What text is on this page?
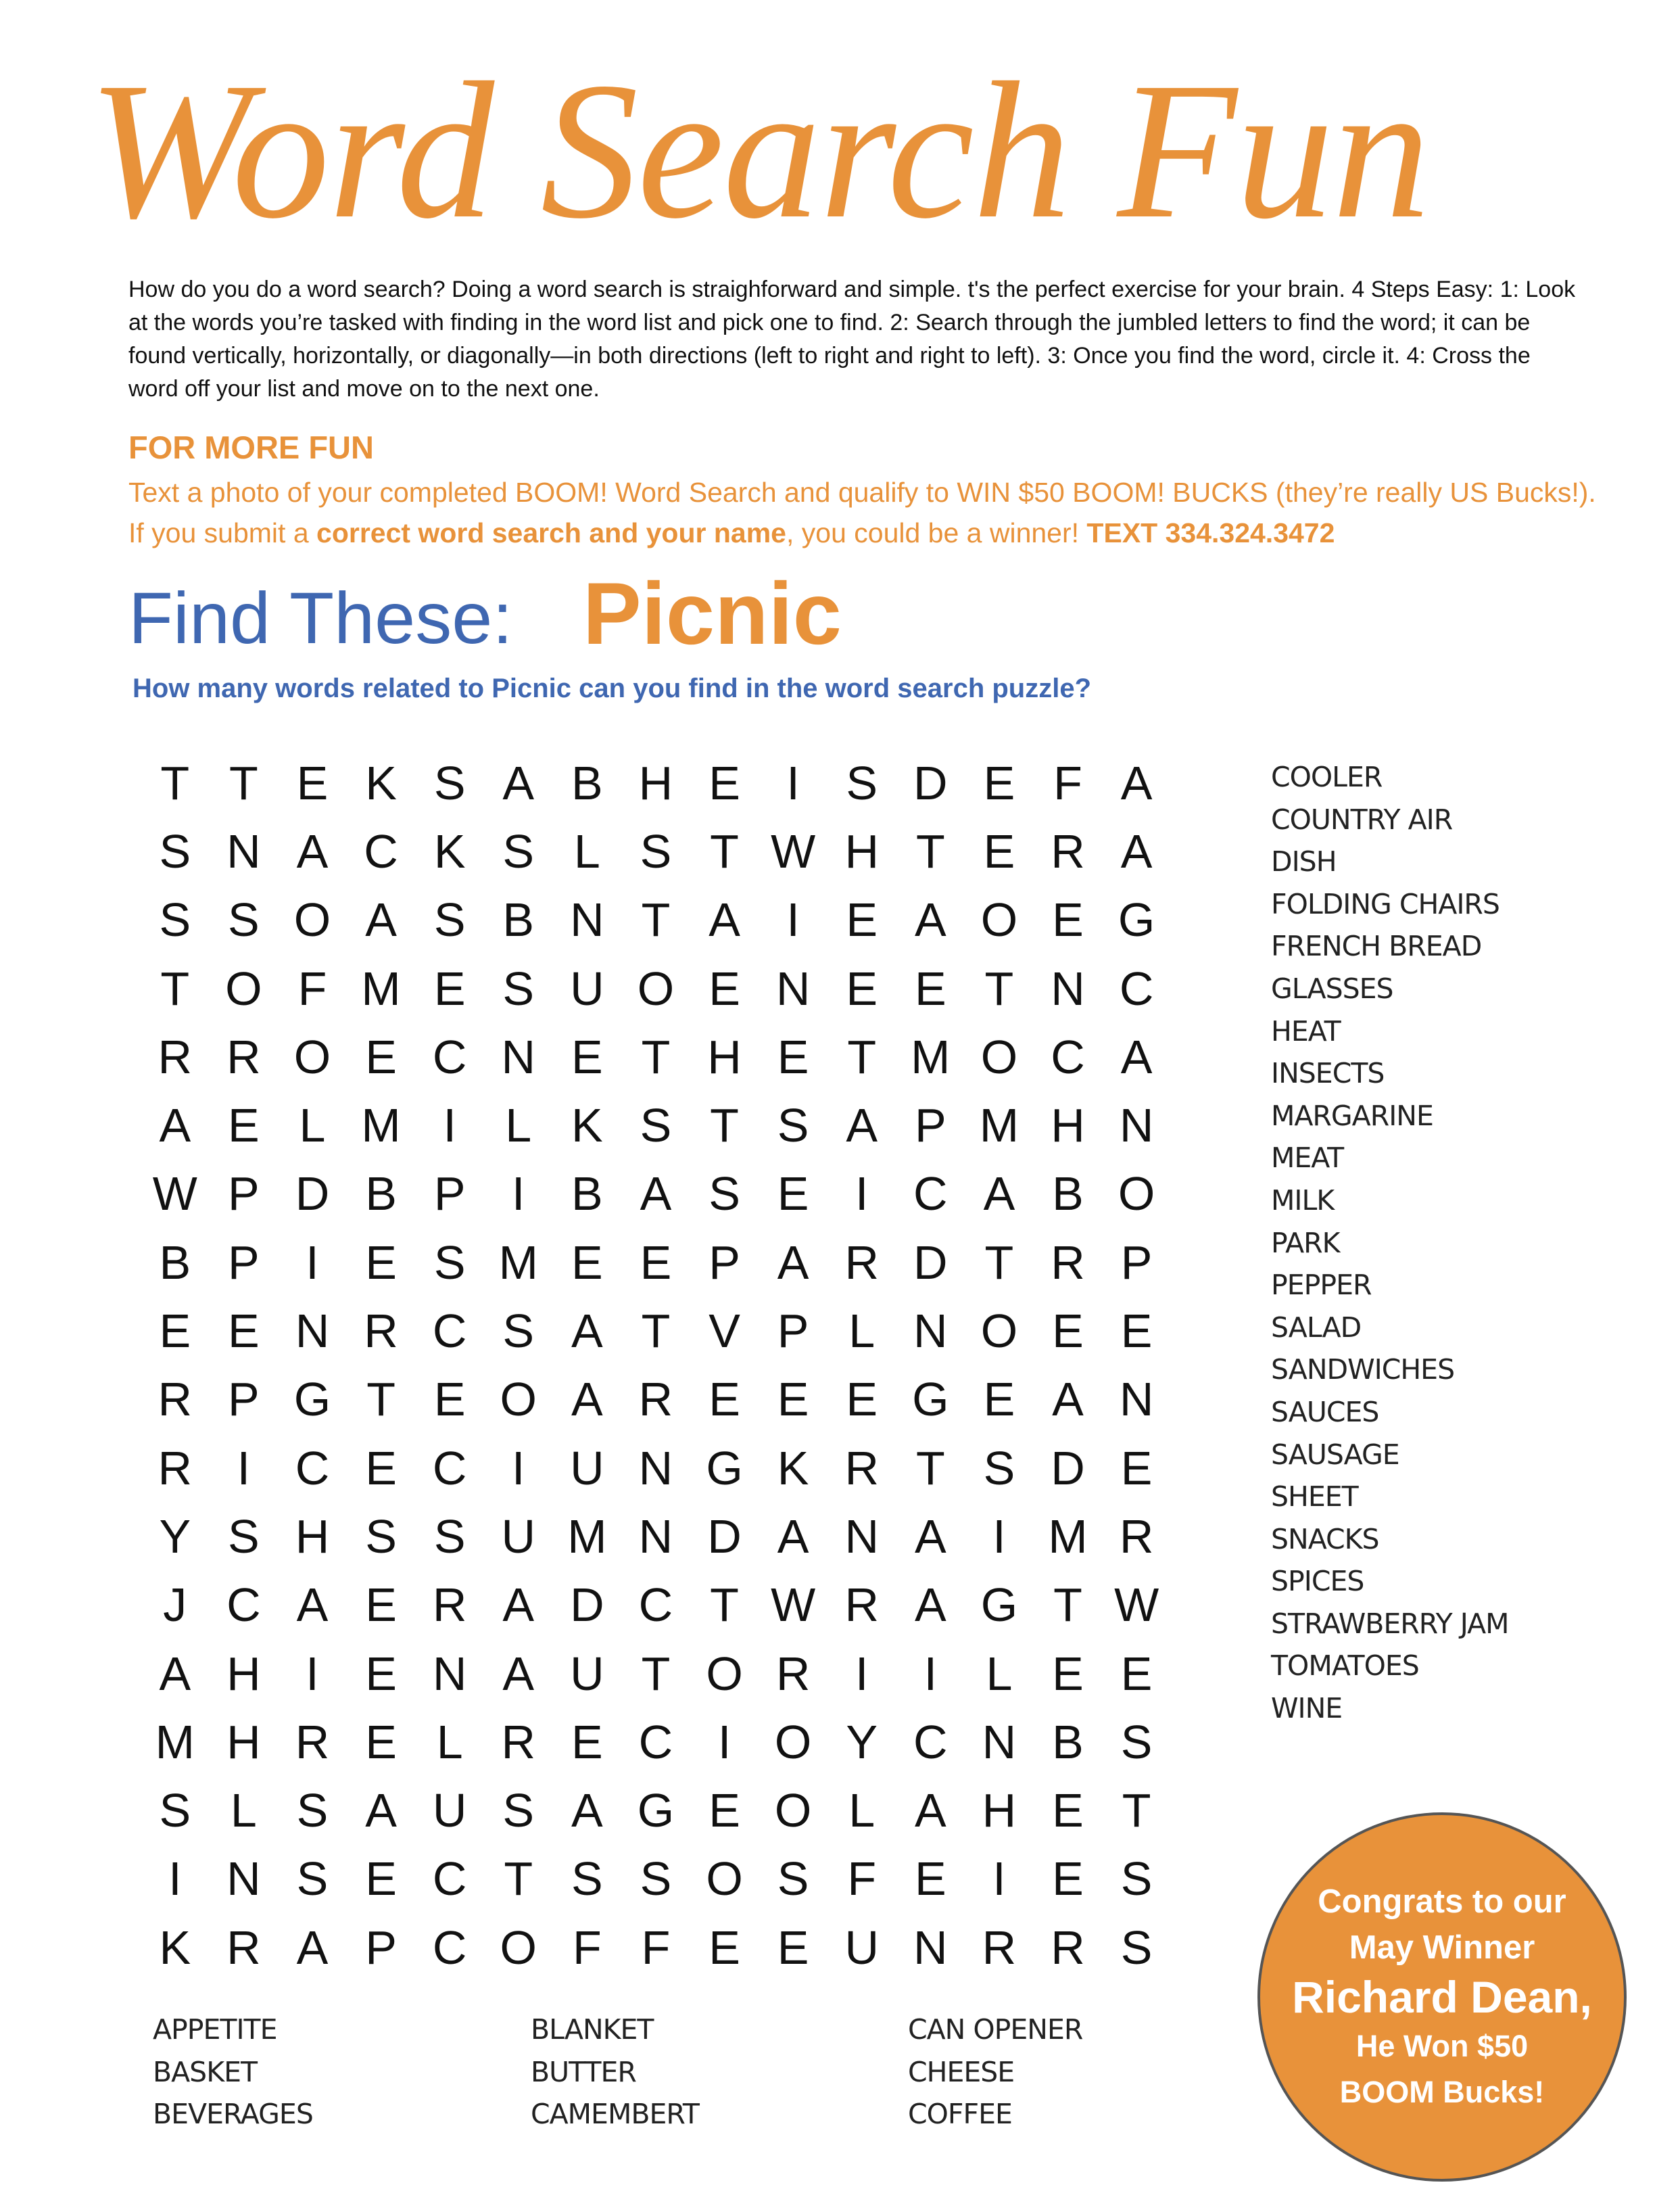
Word Search Fun

How do you do a word search? Doing a word search is straighforward and simple. t's the perfect exercise for your brain. 4 Steps Easy: 1: Look at the words you’re tasked with finding in the word list and pick one to find. 2: Search through the jumbled letters to find the word; it can be found vertically, horizontally, or diagonally—in both directions (left to right and right to left). 3: Once you find the word, circle it. 4: Cross the word off your list and move on to the next one.

FOR MORE FUN

Text a photo of your completed BOOM! Word Search and qualify to WIN $50 BOOM! BUCKS (they’re really US Bucks!). If you submit a correct word search and your name, you could be a winner! TEXT 334.324.3472

Find These: Picnic

How many words related to Picnic can you find in the word search puzzle?

T T E K S A B H E I S D E F A
S N A C K S L S T W H T E R A
S S O A S B N T A I E A O E G
T O F M E S U O E N E E T N C
R R O E C N E T H E T M O C A
A E L M I	L K S T S A P M H N
W P D B P I B A S E I C A B O
B P I E S M E E P A R D T R P
E E N R C S A T V P L N O E E
R P G T E O A R E E E G E A N
R I C E C I U N G K R T S D E
Y S H S S U M N D A N A I M R
J C A E R A D C T W R A G T W
A H I E N A U T O R I	I	L E E
M H R E L R E C I O Y C N B S
S L S A U S A G E O L A H E T
I N S E C T S S O S F E I E S
K R A P C O F F E E U N R R S
COOLER
COUNTRY AIR
DISH
FOLDING CHAIRS
FRENCH BREAD
GLASSES
HEAT
INSECTS
MARGARINE
MEAT
MILK
PARK
PEPPER
SALAD
SANDWICHES
SAUCES
SAUSAGE
SHEET
SNACKS
SPICES
STRAWBERRY JAM
TOMATOES
WINE
APPETITE
BASKET
BEVERAGES
BLANKET
BUTTER
CAMEMBERT
CAN OPENER
CHEESE
COFFEE
Congrats to our
May Winner
Richard Dean,
He Won $50
BOOM Bucks!
